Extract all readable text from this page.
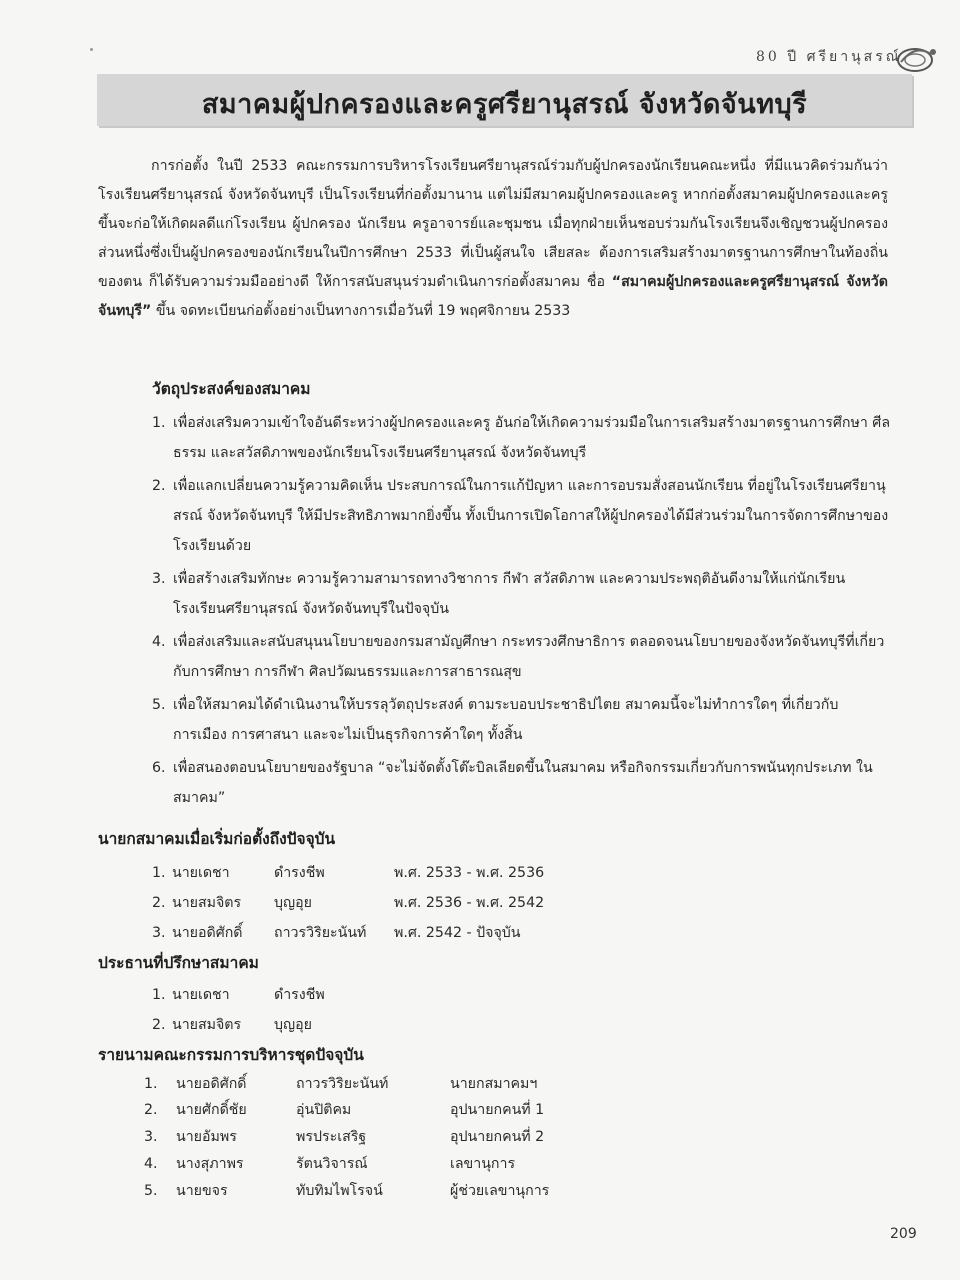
80 ปี ศรียานุสรณ์
สมาคมผู้ปกครองและครูศรียานุสรณ์ จังหวัดจันทบุรี
การก่อตั้ง ในปี 2533 คณะกรรมการบริหารโรงเรียนศรียานุสรณ์ร่วมกับผู้ปกครองนักเรียนคณะหนึ่ง ที่มีแนวคิดร่วมกันว่า โรงเรียนศรียานุสรณ์ จังหวัดจันทบุรี เป็นโรงเรียนที่ก่อตั้งมานาน แต่ไม่มีสมาคมผู้ปกครองและครู หากก่อตั้งสมาคมผู้ปกครองและครูขึ้นจะก่อให้เกิดผลดีแก่โรงเรียน ผู้ปกครอง นักเรียน ครูอาจารย์และชุมชน เมื่อทุกฝ่ายเห็นชอบร่วมกันโรงเรียนจึงเชิญชวนผู้ปกครองส่วนหนึ่งซึ่งเป็นผู้ปกครองของนักเรียนในปีการศึกษา 2533 ที่เป็นผู้สนใจ เสียสละ ต้องการเสริมสร้างมาตรฐานการศึกษาในท้องถิ่นของตน ก็ได้รับความร่วมมืออย่างดี ให้การสนับสนุนร่วมดำเนินการก่อตั้งสมาคม ชื่อ “สมาคมผู้ปกครองและครูศรียานุสรณ์ จังหวัดจันทบุรี” ขึ้น จดทะเบียนก่อตั้งอย่างเป็นทางการเมื่อวันที่ 19 พฤศจิกายน 2533
วัตถุประสงค์ของสมาคม
1. เพื่อส่งเสริมความเข้าใจอันดีระหว่างผู้ปกครองและครู อันก่อให้เกิดความร่วมมือในการเสริมสร้างมาตรฐานการศึกษา ศีลธรรม และสวัสดิภาพของนักเรียนโรงเรียนศรียานุสรณ์ จังหวัดจันทบุรี
2. เพื่อแลกเปลี่ยนความรู้ความคิดเห็น ประสบการณ์ในการแก้ปัญหา และการอบรมสั่งสอนนักเรียน ที่อยู่ในโรงเรียนศรียานุสรณ์ จังหวัดจันทบุรี ให้มีประสิทธิภาพมากยิ่งขึ้น ทั้งเป็นการเปิดโอกาสให้ผู้ปกครองได้มีส่วนร่วมในการจัดการศึกษาของโรงเรียนด้วย
3. เพื่อสร้างเสริมทักษะ ความรู้ความสามารถทางวิชาการ กีฬา สวัสดิภาพ และความประพฤติอันดีงามให้แก่นักเรียนโรงเรียนศรียานุสรณ์ จังหวัดจันทบุรีในปัจจุบัน
4. เพื่อส่งเสริมและสนับสนุนนโยบายของกรมสามัญศึกษา กระทรวงศึกษาธิการ ตลอดจนนโยบายของจังหวัดจันทบุรีที่เกี่ยวกับการศึกษา การกีฬา ศิลปวัฒนธรรมและการสาธารณสุข
5. เพื่อให้สมาคมได้ดำเนินงานให้บรรลุวัตถุประสงค์ ตามระบอบประชาธิปไตย สมาคมนี้จะไม่ทำการใดๆ ที่เกี่ยวกับการเมือง การศาสนา และจะไม่เป็นธุรกิจการค้าใดๆ ทั้งสิ้น
6. เพื่อสนองตอบนโยบายของรัฐบาล “จะไม่จัดตั้งโต๊ะบิลเลียดขึ้นในสมาคม หรือกิจกรรมเกี่ยวกับการพนันทุกประเภท ในสมาคม”
นายกสมาคมเมื่อเริ่มก่อตั้งถึงปัจจุบัน
1. นายเดชา	ดำรงชีพ	พ.ศ. 2533 - พ.ศ. 2536
2. นายสมจิตร บุญอุย	พ.ศ. 2536 - พ.ศ. 2542
3. นายอดิศักดิ์ ถาวรวิริยะนันท์ พ.ศ. 2542 - ปัจจุบัน
ประธานที่ปรึกษาสมาคม
1. นายเดชา	ดำรงชีพ
2. นายสมจิตร บุญอุย
รายนามคณะกรรมการบริหารชุดปัจจุบัน
1. นายอดิศักดิ์	ถาวรวิริยะนันท์	นายกสมาคมฯ
2. นายศักดิ์ชัย	อุ่นปิติคม	อุปนายกคนที่ 1
3. นายอัมพร	พรประเสริฐ	อุปนายกคนที่ 2
4. นางสุภาพร	รัตนวิจารณ์	เลขานุการ
5. นายขจร	ทับทิมไพโรจน์	ผู้ช่วยเลขานุการ
209
